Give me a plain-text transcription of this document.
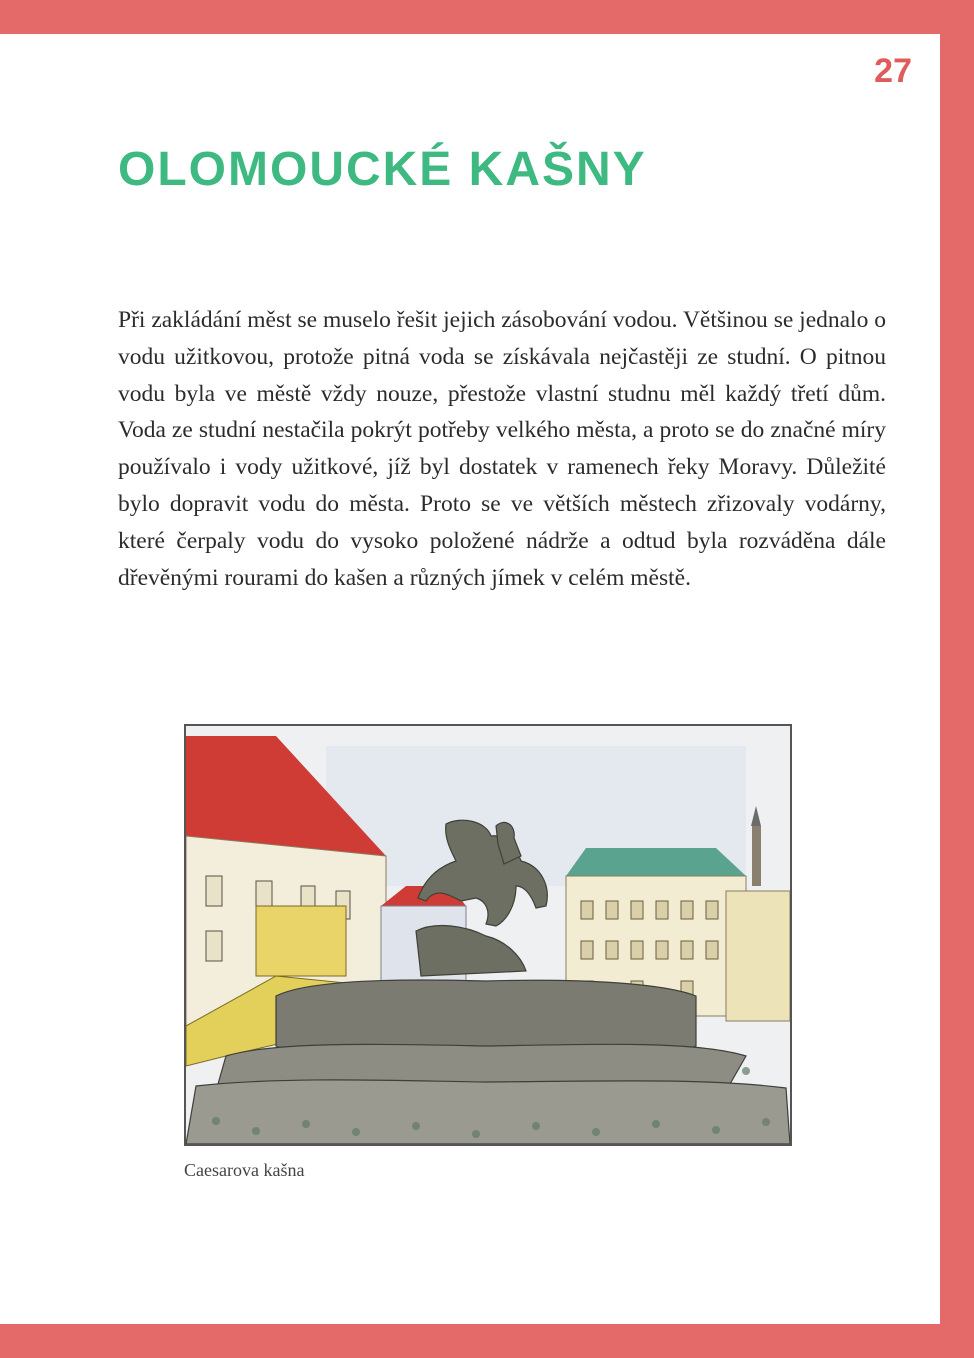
27
OLOMOUCKÉ KAŠNY

Při zakládání měst se muselo řešit jejich zásobování vodou. Většinou se jednalo o vodu užitkovou, protože pitná voda se získávala nejčastěji ze studní. O pitnou vodu byla ve městě vždy nouze, přestože vlastní studnu měl každý třetí dům. Voda ze studní nestačila pokrýt potřeby velkého města, a proto se do značné míry používalo i vody užitkové, jíž byl dostatek v ramenech řeky Moravy. Důležité bylo dopravit vodu do města. Proto se ve větších městech zřizovaly vodárny, které čerpaly vodu do vysoko položené nádrže a odtud byla rozváděna dále dřevěnými rourami do kašen a různých jímek v celém městě.

Caesarova kašna
